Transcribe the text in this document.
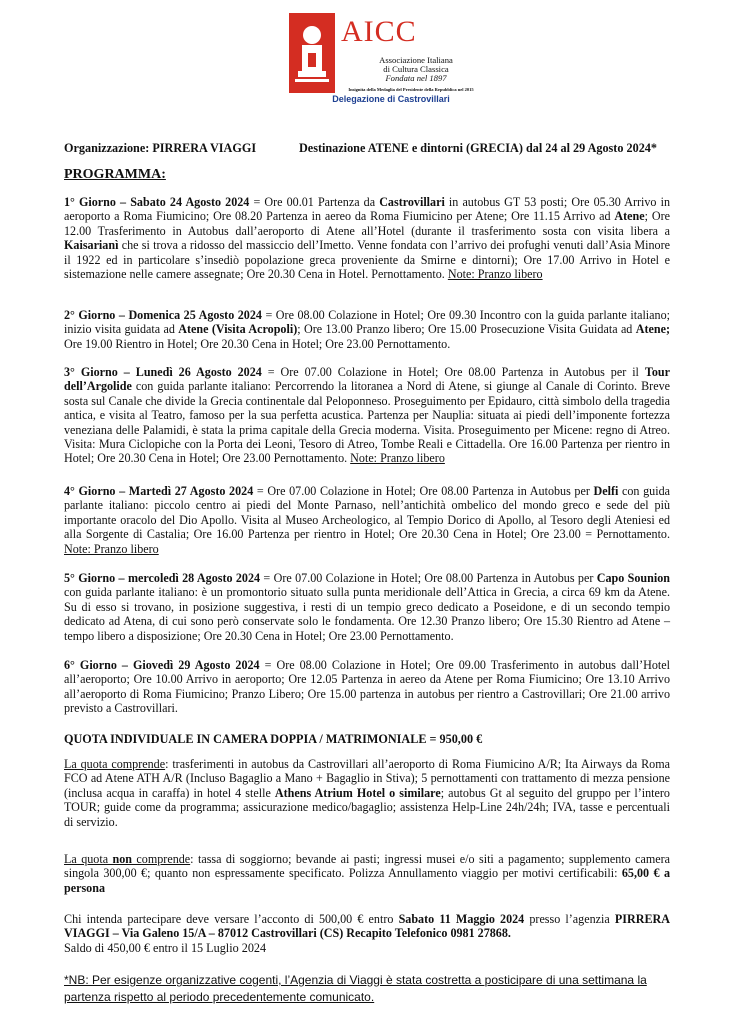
AICC
Associazione Italiana
di Cultura Classica
Fondata nel 1897
Insignita della Medaglia del Presidente della Repubblica nel 2015
Delegazione di Castrovillari
Organizzazione: PIRRERA VIAGGI	Destinazione ATENE e dintorni (GRECIA) dal 24 al 29 Agosto 2024*
PROGRAMMA:
1° Giorno – Sabato 24 Agosto 2024 = Ore 00.01 Partenza da Castrovillari in autobus GT 53 posti; Ore 05.30 Arrivo in aeroporto a Roma Fiumicino; Ore 08.20 Partenza in aereo da Roma Fiumicino per Atene; Ore 11.15 Arrivo ad Atene; Ore 12.00 Trasferimento in Autobus dall’aeroporto di Atene all’Hotel (durante il trasferimento sosta con visita libera a Kaisarianì che si trova a ridosso del massiccio dell’Imetto. Venne fondata con l’arrivo dei profughi venuti dall’Asia Minore il 1922 ed in particolare s’insediò popolazione greca proveniente da Smirne e dintorni); Ore 17.00 Arrivo in Hotel e sistemazione nelle camere assegnate; Ore 20.30 Cena in Hotel. Pernottamento. Note: Pranzo libero
2° Giorno – Domenica 25 Agosto 2024 = Ore 08.00 Colazione in Hotel; Ore 09.30 Incontro con la guida parlante italiano; inizio visita guidata ad Atene (Visita Acropoli); Ore 13.00 Pranzo libero; Ore 15.00 Prosecuzione Visita Guidata ad Atene; Ore 19.00 Rientro in Hotel; Ore 20.30 Cena in Hotel; Ore 23.00 Pernottamento.
3° Giorno – Lunedì 26 Agosto 2024 = Ore 07.00 Colazione in Hotel; Ore 08.00 Partenza in Autobus per il Tour dell’Argolide con guida parlante italiano: Percorrendo la litoranea a Nord di Atene, si giunge al Canale di Corinto. Breve sosta sul Canale che divide la Grecia continentale dal Peloponneso. Proseguimento per Epidauro, città simbolo della tragedia antica, e visita al Teatro, famoso per la sua perfetta acustica. Partenza per Nauplia: situata ai piedi dell’imponente fortezza veneziana delle Palamidi, è stata la prima capitale della Grecia moderna. Visita. Proseguimento per Micene: regno di Atreo. Visita: Mura Ciclopiche con la Porta dei Leoni, Tesoro di Atreo, Tombe Reali e Cittadella. Ore 16.00 Partenza per rientro in Hotel; Ore 20.30 Cena in Hotel; Ore 23.00 Pernottamento. Note: Pranzo libero
4° Giorno – Martedì 27 Agosto 2024 = Ore 07.00 Colazione in Hotel; Ore 08.00 Partenza in Autobus per Delfi con guida parlante italiano: piccolo centro ai piedi del Monte Parnaso, nell’antichità ombelico del mondo greco e sede del più importante oracolo del Dio Apollo. Visita al Museo Archeologico, al Tempio Dorico di Apollo, al Tesoro degli Ateniesi ed alla Sorgente di Castalia; Ore 16.00 Partenza per rientro in Hotel; Ore 20.30 Cena in Hotel; Ore 23.00 = Pernottamento. Note: Pranzo libero
5° Giorno – mercoledì 28 Agosto 2024 = Ore 07.00 Colazione in Hotel; Ore 08.00 Partenza in Autobus per Capo Sounion con guida parlante italiano: è un promontorio situato sulla punta meridionale dell’Attica in Grecia, a circa 69 km da Atene. Su di esso si trovano, in posizione suggestiva, i resti di un tempio greco dedicato a Poseidone, e di un secondo tempio dedicato ad Atena, di cui sono però conservate solo le fondamenta. Ore 12.30 Pranzo libero; Ore 15.30 Rientro ad Atene – tempo libero a disposizione; Ore 20.30 Cena in Hotel; Ore 23.00 Pernottamento.
6° Giorno – Giovedì 29 Agosto 2024 = Ore 08.00 Colazione in Hotel; Ore 09.00 Trasferimento in autobus dall’Hotel all’aeroporto; Ore 10.00 Arrivo in aeroporto; Ore 12.05 Partenza in aereo da Atene per Roma Fiumicino; Ore 13.10 Arrivo all’aeroporto di Roma Fiumicino; Pranzo Libero; Ore 15.00 partenza in autobus per rientro a Castrovillari; Ore 21.00 arrivo previsto a Castrovillari.
QUOTA INDIVIDUALE IN CAMERA DOPPIA / MATRIMONIALE = 950,00 €
La quota comprende: trasferimenti in autobus da Castrovillari all’aeroporto di Roma Fiumicino A/R; Ita Airways da Roma FCO ad Atene ATH A/R (Incluso Bagaglio a Mano + Bagaglio in Stiva); 5 pernottamenti con trattamento di mezza pensione (inclusa acqua in caraffa) in hotel 4 stelle Athens Atrium Hotel o similare; autobus Gt al seguito del gruppo per l’intero TOUR; guide come da programma; assicurazione medico/bagaglio; assistenza Help-Line 24h/24h; IVA, tasse e percentuali di servizio.
La quota non comprende: tassa di soggiorno; bevande ai pasti; ingressi musei e/o siti a pagamento; supplemento camera singola 300,00 €; quanto non espressamente specificato. Polizza Annullamento viaggio per motivi certificabili: 65,00 € a persona
Chi intenda partecipare deve versare l’acconto di 500,00 € entro Sabato 11 Maggio 2024 presso l’agenzia PIRRERA VIAGGI – Via Galeno 15/A – 87012 Castrovillari (CS) Recapito Telefonico 0981 27868.
Saldo di 450,00 € entro il 15 Luglio 2024
*NB: Per esigenze organizzative cogenti, l’Agenzia di Viaggi è stata costretta a posticipare di una settimana la partenza rispetto al periodo precedentemente comunicato.
